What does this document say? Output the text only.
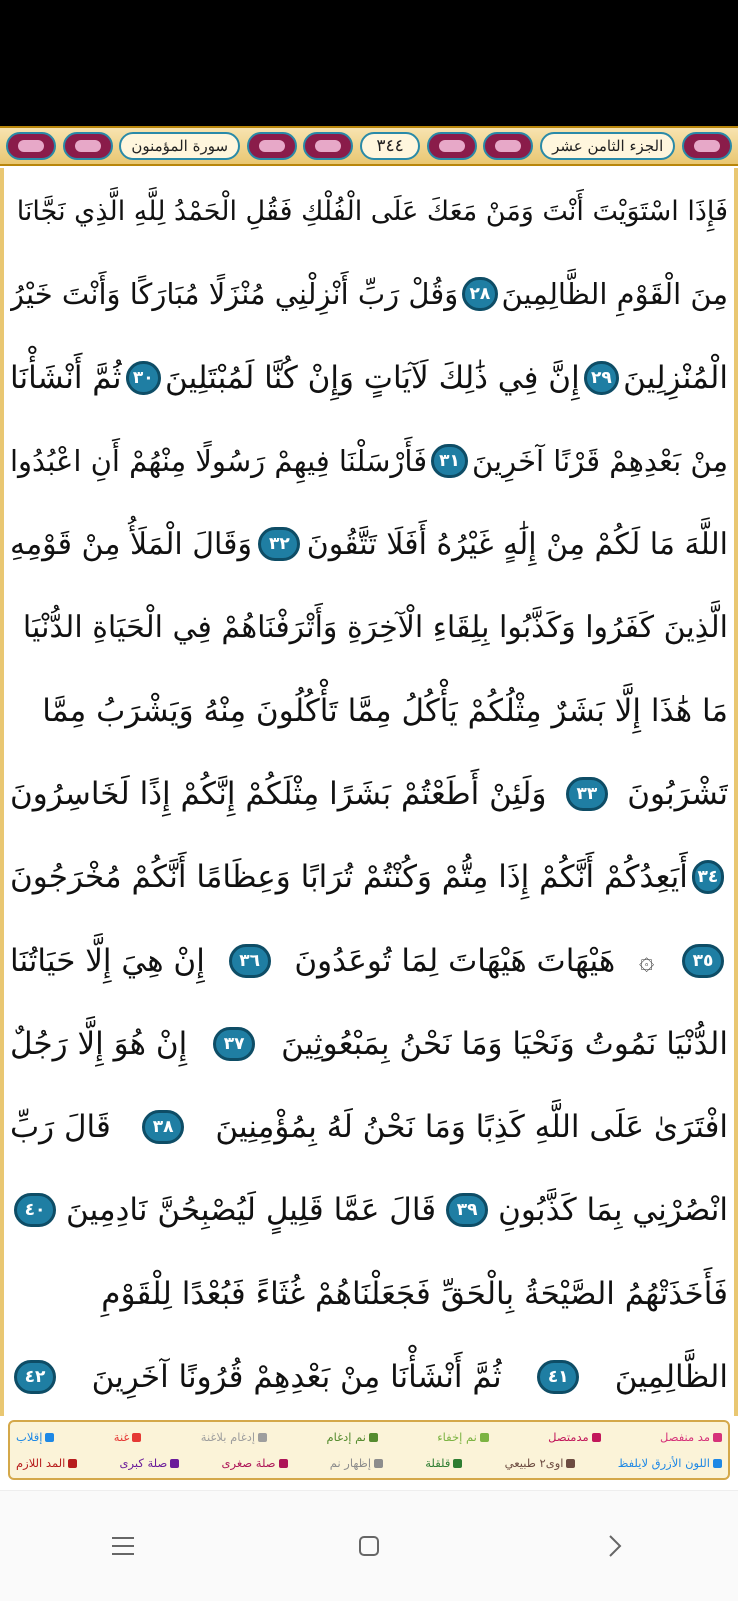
سورة المؤمنون	٣٤٤	الجزء الثامن عشر
فَإِذَا اسْتَوَيْتَ أَنْتَ وَمَنْ مَعَكَ عَلَى الْفُلْكِ فَقُلِ الْحَمْدُ لِلَّهِ الَّذِي نَجَّانَا
مِنَ الْقَوْمِ الظَّالِمِينَ
٢٨
وَقُلْ رَبِّ أَنْزِلْنِي مُنْزَلًا مُبَارَكًا وَأَنْتَ خَيْرُ
الْمُنْزِلِينَ
٢٩
إِنَّ فِي ذَٰلِكَ لَآيَاتٍ وَإِنْ كُنَّا لَمُبْتَلِينَ
٣٠
ثُمَّ أَنْشَأْنَا
مِنْ بَعْدِهِمْ قَرْنًا آخَرِينَ
٣١
فَأَرْسَلْنَا فِيهِمْ رَسُولًا مِنْهُمْ أَنِ اعْبُدُوا
اللَّهَ مَا لَكُمْ مِنْ إِلَٰهٍ غَيْرُهُ أَفَلَا تَتَّقُونَ
٣٢
وَقَالَ الْمَلَأُ مِنْ قَوْمِهِ
الَّذِينَ كَفَرُوا وَكَذَّبُوا بِلِقَاءِ الْآخِرَةِ وَأَتْرَفْنَاهُمْ فِي الْحَيَاةِ الدُّنْيَا
مَا هَٰذَا إِلَّا بَشَرٌ مِثْلُكُمْ يَأْكُلُ مِمَّا تَأْكُلُونَ مِنْهُ وَيَشْرَبُ مِمَّا
تَشْرَبُونَ
٣٣
وَلَئِنْ أَطَعْتُمْ بَشَرًا مِثْلَكُمْ إِنَّكُمْ إِذًا لَخَاسِرُونَ
٣٤
أَيَعِدُكُمْ أَنَّكُمْ إِذَا مِتُّمْ وَكُنْتُمْ تُرَابًا وَعِظَامًا أَنَّكُمْ مُخْرَجُونَ
٣٥
۞
هَيْهَاتَ هَيْهَاتَ لِمَا تُوعَدُونَ
٣٦
إِنْ هِيَ إِلَّا حَيَاتُنَا
الدُّنْيَا نَمُوتُ وَنَحْيَا وَمَا نَحْنُ بِمَبْعُوثِينَ
٣٧
إِنْ هُوَ إِلَّا رَجُلٌ
افْتَرَىٰ عَلَى اللَّهِ كَذِبًا وَمَا نَحْنُ لَهُ بِمُؤْمِنِينَ
٣٨
قَالَ رَبِّ
انْصُرْنِي بِمَا كَذَّبُونِ
٣٩
قَالَ عَمَّا قَلِيلٍ لَيُصْبِحُنَّ نَادِمِينَ
٤٠
فَأَخَذَتْهُمُ الصَّيْحَةُ بِالْحَقِّ فَجَعَلْنَاهُمْ غُثَاءً فَبُعْدًا لِلْقَوْمِ
الظَّالِمِينَ
٤١
ثُمَّ أَنْشَأْنَا مِنْ بَعْدِهِمْ قُرُونًا آخَرِينَ
٤٢
مد منفصل
مدمتصل
نم إخفاء
نم إدغام
إدغام بلاغنة
غنة
إقلاب
اللون الأزرق لايلفظ
اوى٢ طبيعي
قلقلة
إظهار نم
صلة صغرى
صلة كبرى
المد اللازم
